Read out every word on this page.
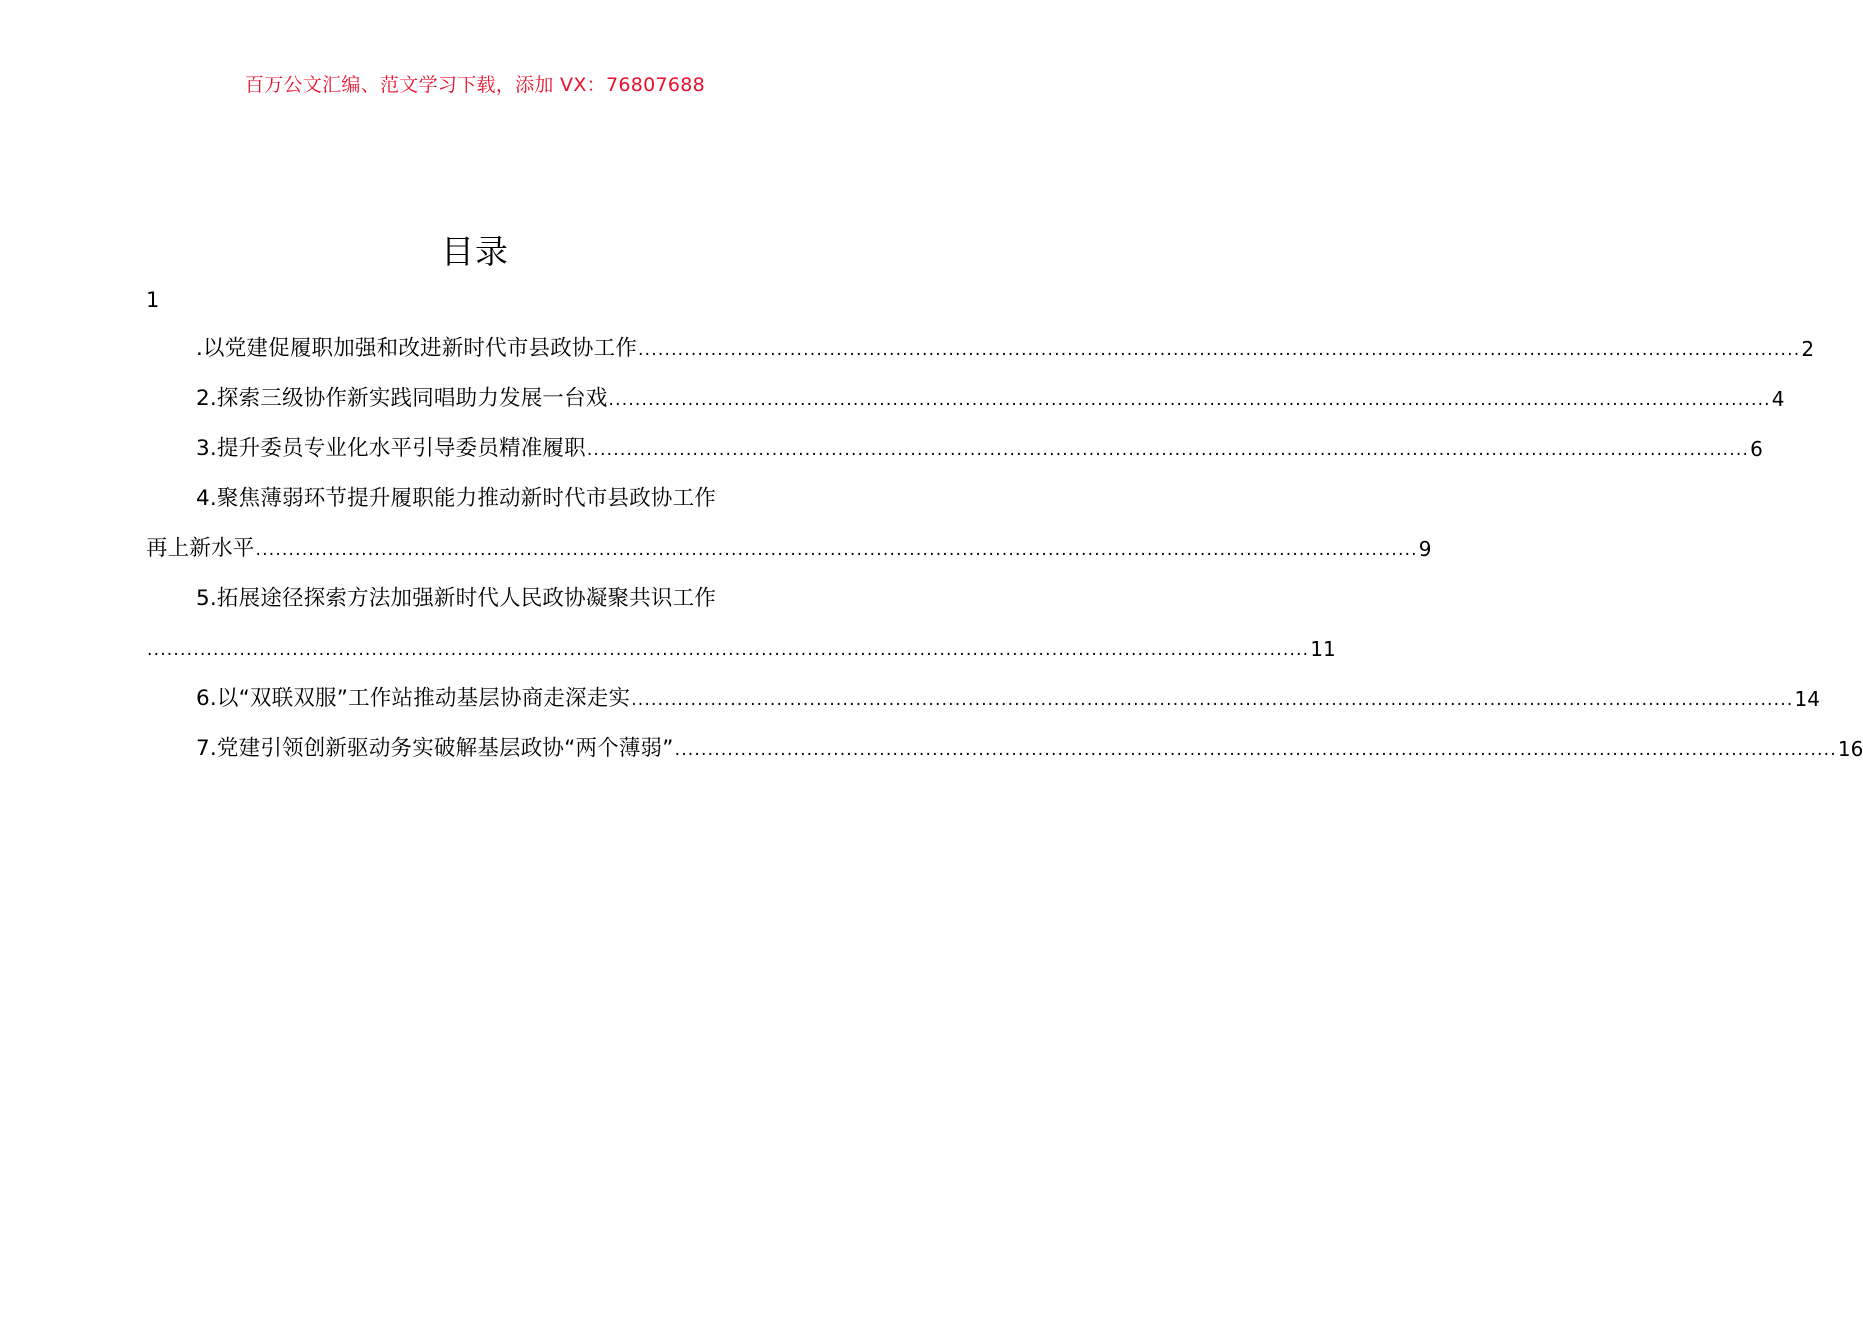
百万公文汇编、范文学习下载，添加 VX：76807688
目录
1
.以党建促履职加强和改进新时代市县政协工作 ................................................................................................................................................................................ 2
2.探索三级协作新实践同唱助力发展一台戏 ................................................................................................................................................................................ 4
3.提升委员专业化水平引导委员精准履职 ................................................................................................................................................................................ 6
4.聚焦薄弱环节提升履职能力推动新时代市县政协工作
再上新水平 ................................................................................................................................................................................ 9
5.拓展途径探索方法加强新时代人民政协凝聚共识工作
................................................................................................................................................................................ 11
6.以“双联双服”工作站推动基层协商走深走实 ................................................................................................................................................................................ 14
7.党建引领创新驱动务实破解基层政协“两个薄弱” ................................................................................................................................................................................ 16
